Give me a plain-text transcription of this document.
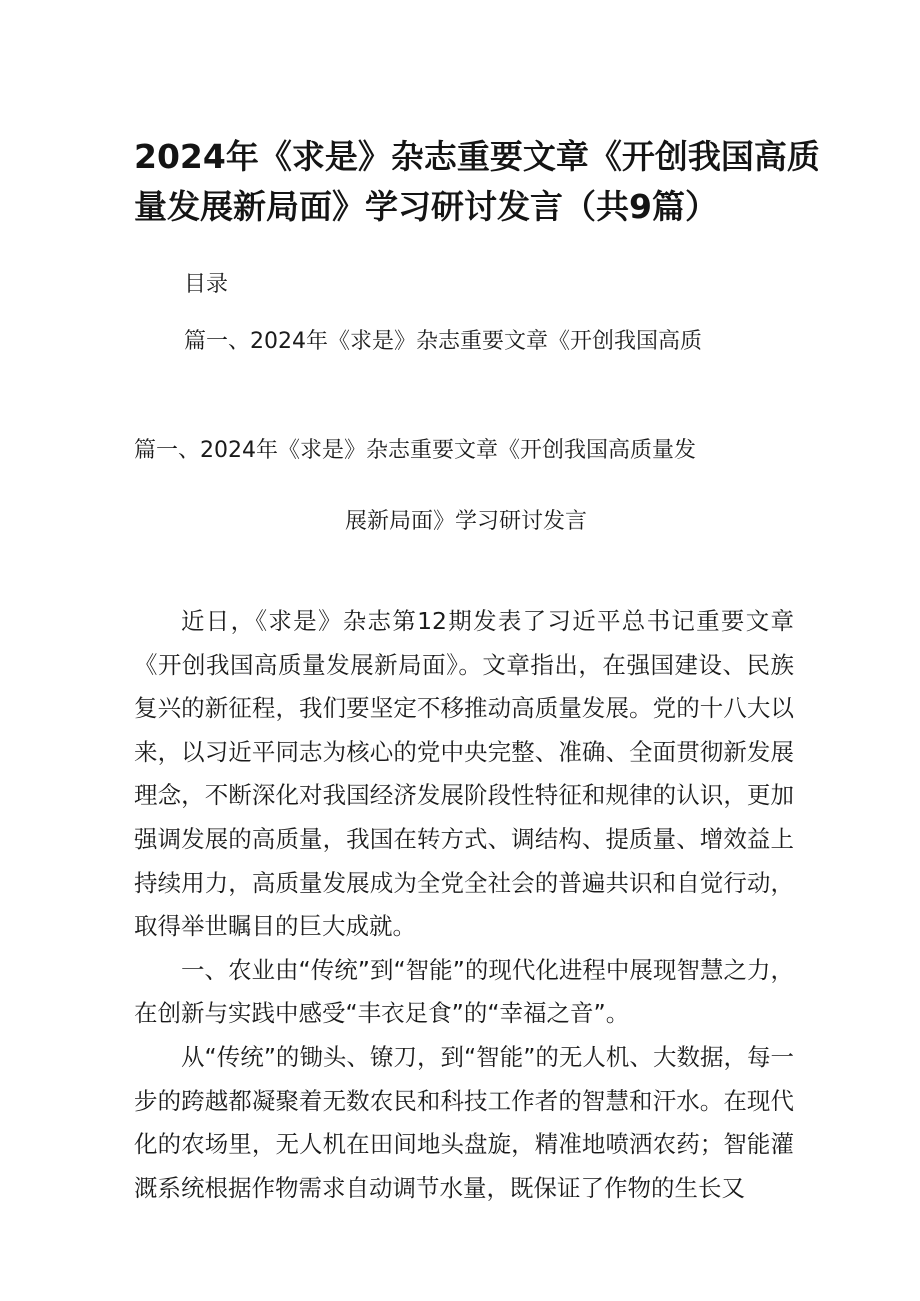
2024年《求是》杂志重要文章《开创我国高质
量发展新局面》学习研讨发言（共9篇）

目录

篇一、2024年《求是》杂志重要文章《开创我国高质

篇一、2024年《求是》杂志重要文章《开创我国高质量发
展新局面》学习研讨发言

近日，《求是》杂志第12期发表了习近平总书记重要文章《开创我国高质量发展新局面》。文章指出，在强国建设、民族复兴的新征程，我们要坚定不移推动高质量发展。党的十八大以来，以习近平同志为核心的党中央完整、准确、全面贯彻新发展理念，不断深化对我国经济发展阶段性特征和规律的认识，更加强调发展的高质量，我国在转方式、调结构、提质量、增效益上持续用力，高质量发展成为全党全社会的普遍共识和自觉行动，取得举世瞩目的巨大成就。

一、农业由“传统”到“智能”的现代化进程中展现智慧之力，在创新与实践中感受“丰衣足食”的“幸福之音”。

从“传统”的锄头、镣刀，到“智能”的无人机、大数据，每一步的跨越都凝聚着无数农民和科技工作者的智慧和汗水。在现代化的农场里，无人机在田间地头盘旋，精准地喷洒农药；智能灌溉系统根据作物需求自动调节水量，既保证了作物的生长又
